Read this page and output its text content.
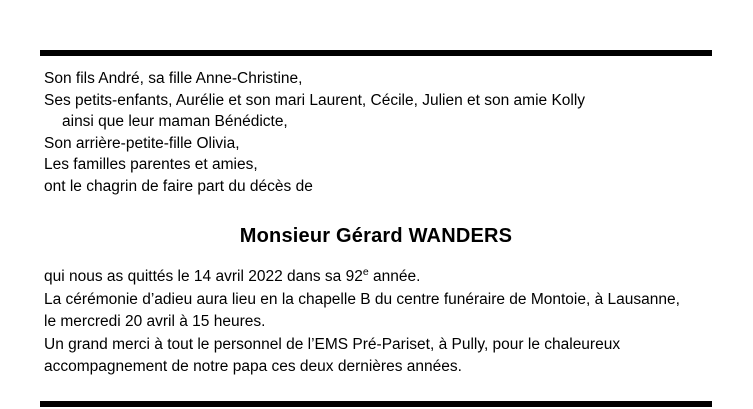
Son fils André, sa fille Anne-Christine,
Ses petits-enfants, Aurélie et son mari Laurent, Cécile, Julien et son amie Kolly
ainsi que leur maman Bénédicte,
Son arrière-petite-fille Olivia,
Les familles parentes et amies,
ont le chagrin de faire part du décès de
Monsieur Gérard WANDERS
qui nous as quittés le 14 avril 2022 dans sa 92e année.
La cérémonie d’adieu aura lieu en la chapelle B du centre funéraire de Montoie, à Lausanne,
le mercredi 20 avril à 15 heures.
Un grand merci à tout le personnel de l’EMS Pré-Pariset, à Pully, pour le chaleureux
accompagnement de notre papa ces deux dernières années.
